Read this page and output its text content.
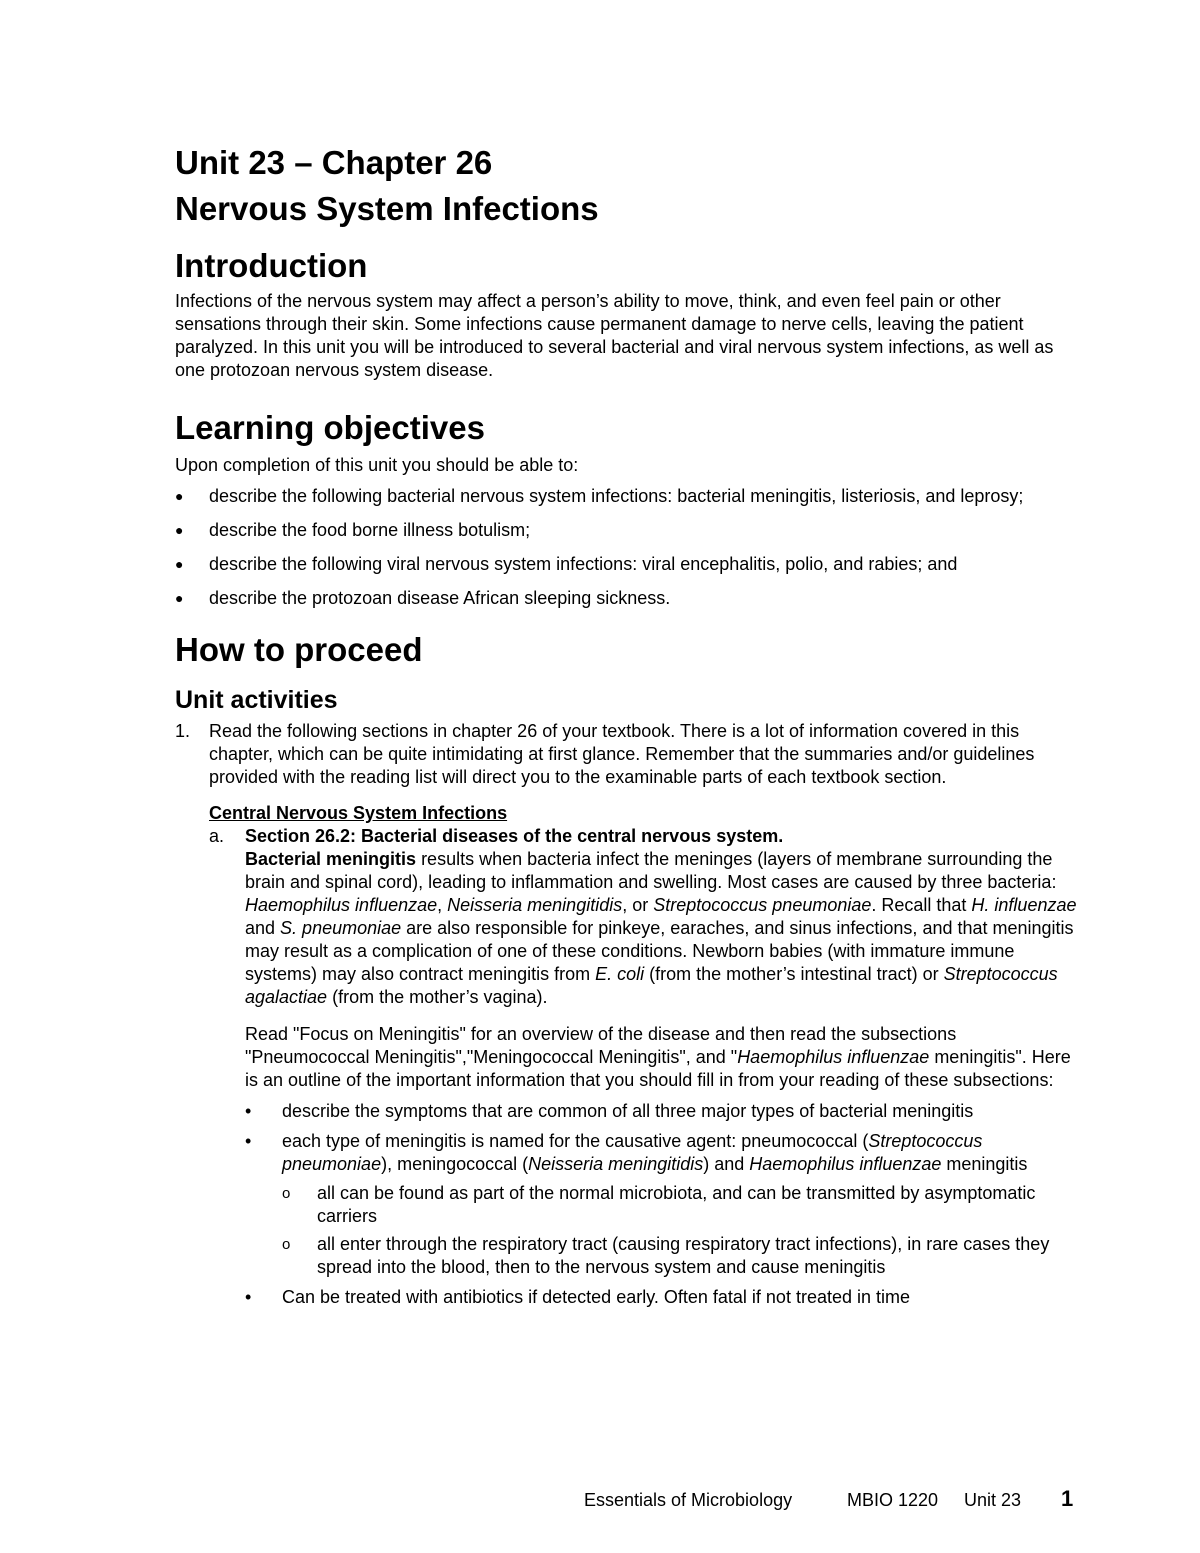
Unit 23 – Chapter 26
Nervous System Infections
Introduction

Infections of the nervous system may affect a person’s ability to move, think, and even feel pain or other sensations through their skin. Some infections cause permanent damage to nerve cells, leaving the patient paralyzed. In this unit you will be introduced to several bacterial and viral nervous system infections, as well as one protozoan nervous system disease.

Learning objectives

Upon completion of this unit you should be able to:

● describe the following bacterial nervous system infections: bacterial meningitis, listeriosis, and leprosy;
● describe the food borne illness botulism;
● describe the following viral nervous system infections: viral encephalitis, polio, and rabies; and
● describe the protozoan disease African sleeping sickness.
How to proceed
Unit activities
1. Read the following sections in chapter 26 of your textbook. There is a lot of information covered in this chapter, which can be quite intimidating at first glance. Remember that the summaries and/or guidelines provided with the reading list will direct you to the examinable parts of each textbook section.

Central Nervous System Infections

a. Section 26.2: Bacterial diseases of the central nervous system.

Bacterial meningitis results when bacteria infect the meninges (layers of membrane surrounding the brain and spinal cord), leading to inflammation and swelling. Most cases are caused by three bacteria: Haemophilus influenzae, Neisseria meningitidis, or Streptococcus pneumoniae. Recall that H. influenzae and S. pneumoniae are also responsible for pinkeye, earaches, and sinus infections, and that meningitis may result as a complication of one of these conditions. Newborn babies (with immature immune systems) may also contract meningitis from E. coli (from the mother’s intestinal tract) or Streptococcus agalactiae (from the mother’s vagina).

Read "Focus on Meningitis" for an overview of the disease and then read the subsections "Pneumococcal Meningitis","Meningococcal Meningitis", and "Haemophilus influenzae meningitis". Here is an outline of the important information that you should fill in from your reading of these subsections:

• describe the symptoms that are common of all three major types of bacterial meningitis
• each type of meningitis is named for the causative agent: pneumococcal (Streptococcus pneumoniae), meningococcal (Neisseria meningitidis) and Haemophilus influenzae meningitis
o all can be found as part of the normal microbiota, and can be transmitted by asymptomatic carriers
o all enter through the respiratory tract (causing respiratory tract infections), in rare cases they spread into the blood, then to the nervous system and cause meningitis
• Can be treated with antibiotics if detected early. Often fatal if not treated in time
Essentials of Microbiology	MBIO 1220 Unit 23 1
